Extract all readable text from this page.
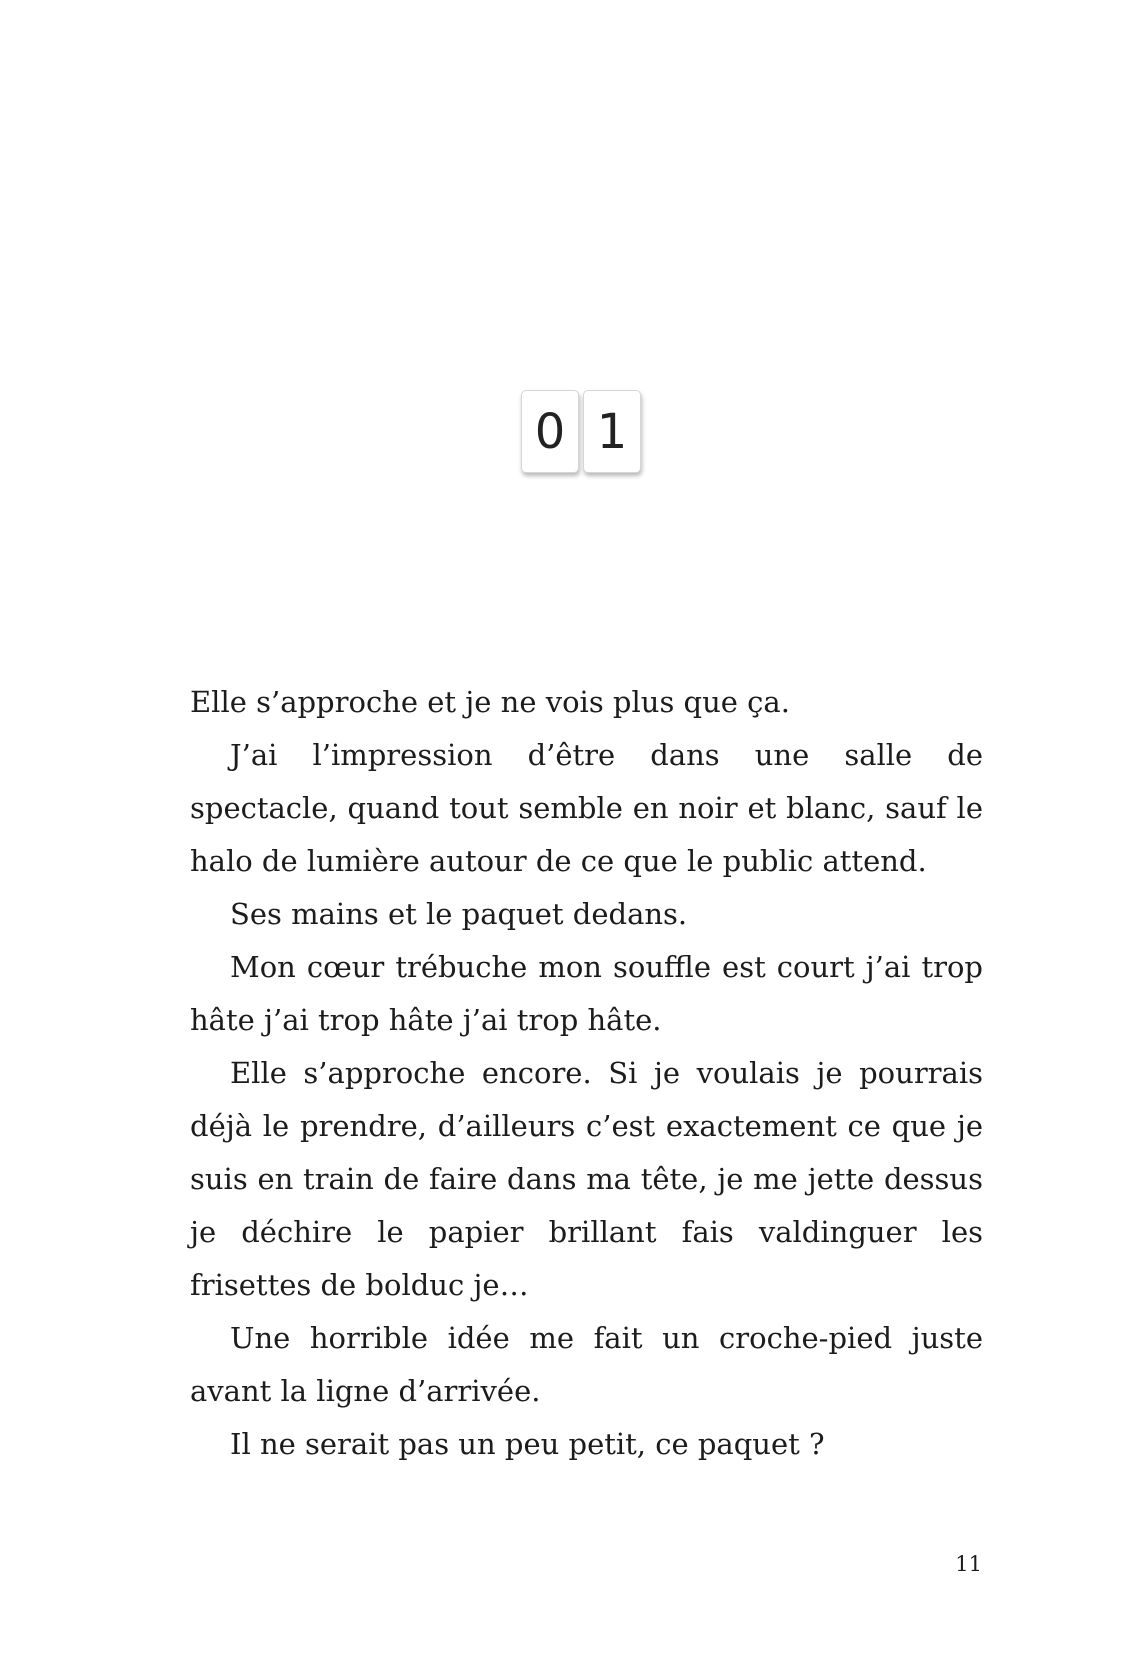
0 1

Elle s’approche et je ne vois plus que ça.

J’ai l’impression d’être dans une salle de spectacle, quand tout semble en noir et blanc, sauf le halo de lumière autour de ce que le public attend.

Ses mains et le paquet dedans.

Mon cœur trébuche mon souffle est court j’ai trop hâte j’ai trop hâte j’ai trop hâte.

Elle s’approche encore. Si je voulais je pourrais déjà le prendre, d’ailleurs c’est exactement ce que je suis en train de faire dans ma tête, je me jette dessus je déchire le papier brillant fais valdinguer les frisettes de bolduc je…

Une horrible idée me fait un croche-pied juste avant la ligne d’arrivée.

Il ne serait pas un peu petit, ce paquet ?

11
